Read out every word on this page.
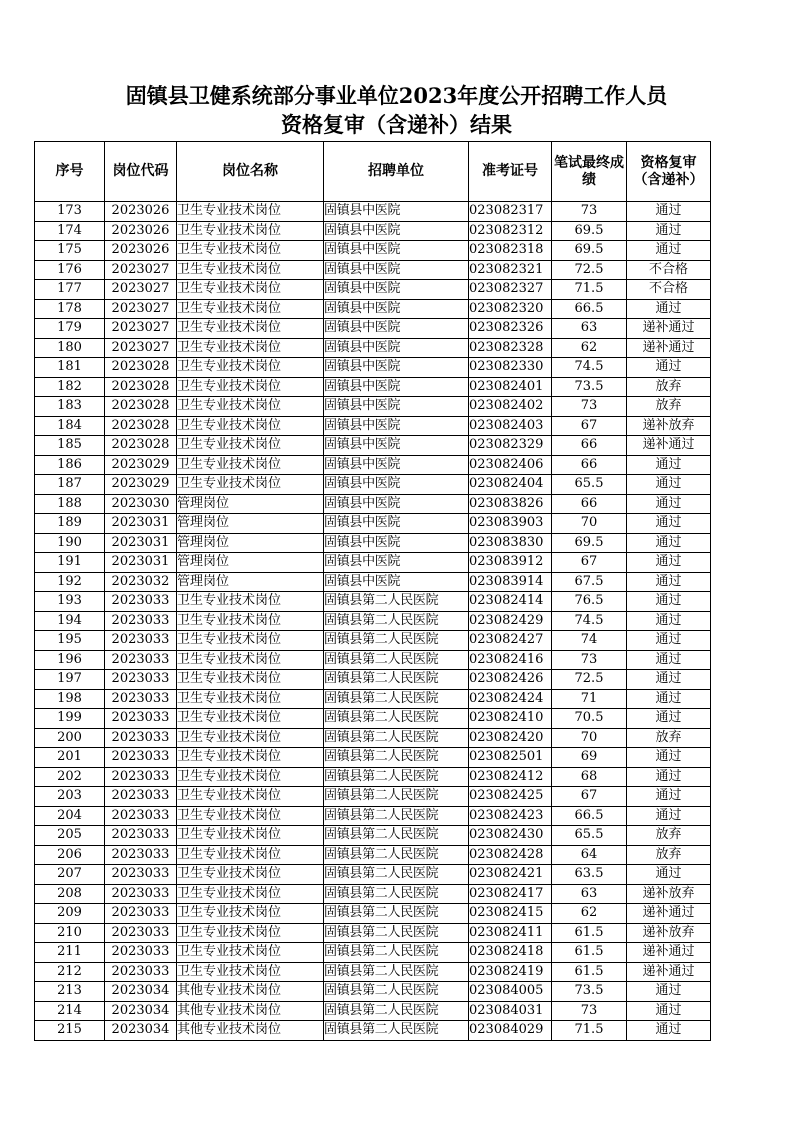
固镇县卫健系统部分事业单位2023年度公开招聘工作人员
资格复审（含递补）结果
序号	岗位代码	岗位名称	招聘单位	准考证号	笔试最终成绩	资格复审（含递补）
173	2023026	卫生专业技术岗位	固镇县中医院	023082317	73	通过
174	2023026	卫生专业技术岗位	固镇县中医院	023082312	69.5	通过
175	2023026	卫生专业技术岗位	固镇县中医院	023082318	69.5	通过
176	2023027	卫生专业技术岗位	固镇县中医院	023082321	72.5	不合格
177	2023027	卫生专业技术岗位	固镇县中医院	023082327	71.5	不合格
178	2023027	卫生专业技术岗位	固镇县中医院	023082320	66.5	通过
179	2023027	卫生专业技术岗位	固镇县中医院	023082326	63	递补通过
180	2023027	卫生专业技术岗位	固镇县中医院	023082328	62	递补通过
181	2023028	卫生专业技术岗位	固镇县中医院	023082330	74.5	通过
182	2023028	卫生专业技术岗位	固镇县中医院	023082401	73.5	放弃
183	2023028	卫生专业技术岗位	固镇县中医院	023082402	73	放弃
184	2023028	卫生专业技术岗位	固镇县中医院	023082403	67	递补放弃
185	2023028	卫生专业技术岗位	固镇县中医院	023082329	66	递补通过
186	2023029	卫生专业技术岗位	固镇县中医院	023082406	66	通过
187	2023029	卫生专业技术岗位	固镇县中医院	023082404	65.5	通过
188	2023030	管理岗位	固镇县中医院	023083826	66	通过
189	2023031	管理岗位	固镇县中医院	023083903	70	通过
190	2023031	管理岗位	固镇县中医院	023083830	69.5	通过
191	2023031	管理岗位	固镇县中医院	023083912	67	通过
192	2023032	管理岗位	固镇县中医院	023083914	67.5	通过
193	2023033	卫生专业技术岗位	固镇县第二人民医院	023082414	76.5	通过
194	2023033	卫生专业技术岗位	固镇县第二人民医院	023082429	74.5	通过
195	2023033	卫生专业技术岗位	固镇县第二人民医院	023082427	74	通过
196	2023033	卫生专业技术岗位	固镇县第二人民医院	023082416	73	通过
197	2023033	卫生专业技术岗位	固镇县第二人民医院	023082426	72.5	通过
198	2023033	卫生专业技术岗位	固镇县第二人民医院	023082424	71	通过
199	2023033	卫生专业技术岗位	固镇县第二人民医院	023082410	70.5	通过
200	2023033	卫生专业技术岗位	固镇县第二人民医院	023082420	70	放弃
201	2023033	卫生专业技术岗位	固镇县第二人民医院	023082501	69	通过
202	2023033	卫生专业技术岗位	固镇县第二人民医院	023082412	68	通过
203	2023033	卫生专业技术岗位	固镇县第二人民医院	023082425	67	通过
204	2023033	卫生专业技术岗位	固镇县第二人民医院	023082423	66.5	通过
205	2023033	卫生专业技术岗位	固镇县第二人民医院	023082430	65.5	放弃
206	2023033	卫生专业技术岗位	固镇县第二人民医院	023082428	64	放弃
207	2023033	卫生专业技术岗位	固镇县第二人民医院	023082421	63.5	通过
208	2023033	卫生专业技术岗位	固镇县第二人民医院	023082417	63	递补放弃
209	2023033	卫生专业技术岗位	固镇县第二人民医院	023082415	62	递补通过
210	2023033	卫生专业技术岗位	固镇县第二人民医院	023082411	61.5	递补放弃
211	2023033	卫生专业技术岗位	固镇县第二人民医院	023082418	61.5	递补通过
212	2023033	卫生专业技术岗位	固镇县第二人民医院	023082419	61.5	递补通过
213	2023034	其他专业技术岗位	固镇县第二人民医院	023084005	73.5	通过
214	2023034	其他专业技术岗位	固镇县第二人民医院	023084031	73	通过
215	2023034	其他专业技术岗位	固镇县第二人民医院	023084029	71.5	通过
